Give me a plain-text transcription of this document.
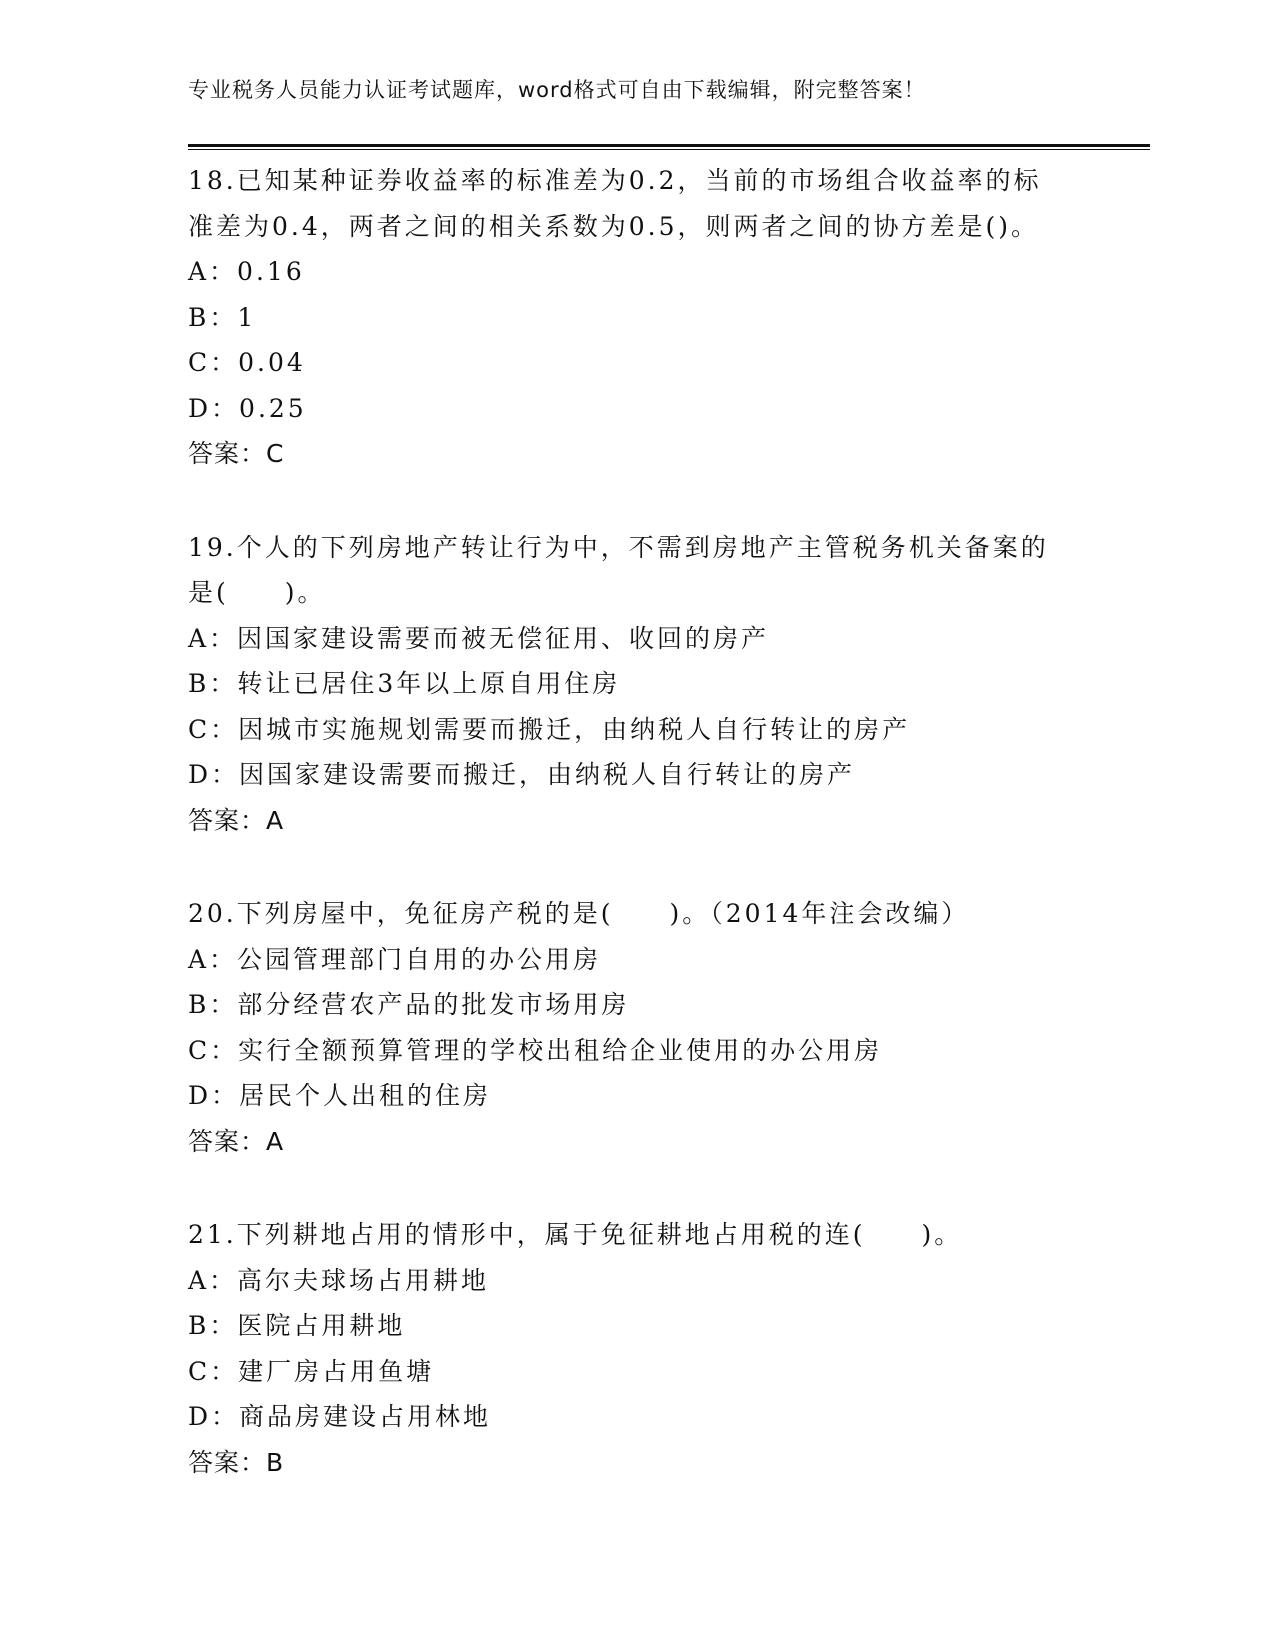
专业税务人员能力认证考试题库，word格式可自由下载编辑，附完整答案！
18.已知某种证券收益率的标准差为0.2，当前的市场组合收益率的标
准差为0.4，两者之间的相关系数为0.5，则两者之间的协方差是()。
A：0.16
B：1
C：0.04
D：0.25
答案：C
19.个人的下列房地产转让行为中，不需到房地产主管税务机关备案的
是(　　)。
A：因国家建设需要而被无偿征用、收回的房产
B：转让已居住3年以上原自用住房
C：因城市实施规划需要而搬迁，由纳税人自行转让的房产
D：因国家建设需要而搬迁，由纳税人自行转让的房产
答案：A
20.下列房屋中，免征房产税的是(　　)。（2014年注会改编）
A：公园管理部门自用的办公用房
B：部分经营农产品的批发市场用房
C：实行全额预算管理的学校出租给企业使用的办公用房
D：居民个人出租的住房
答案：A
21.下列耕地占用的情形中，属于免征耕地占用税的连(　　)。
A：高尔夫球场占用耕地
B：医院占用耕地
C：建厂房占用鱼塘
D：商品房建设占用林地
答案：B
